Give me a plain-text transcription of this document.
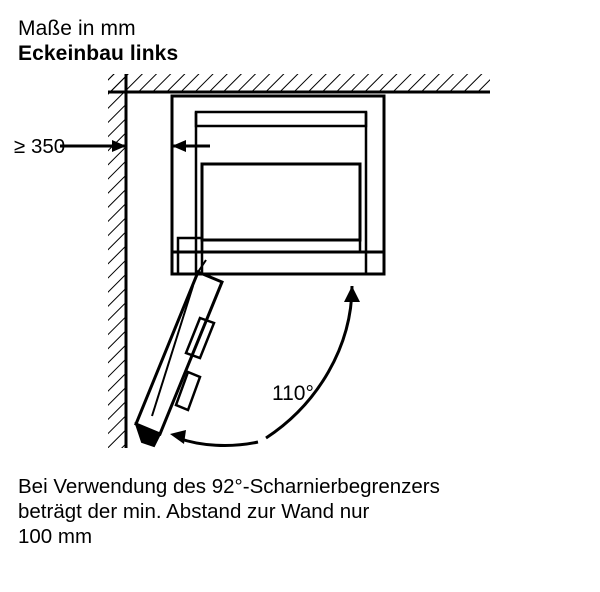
Maße in mm
Eckeinbau links
≥ 350
110°
Bei Verwendung des 92°-Scharnierbegrenzers
beträgt der min. Abstand zur Wand nur
100 mm
